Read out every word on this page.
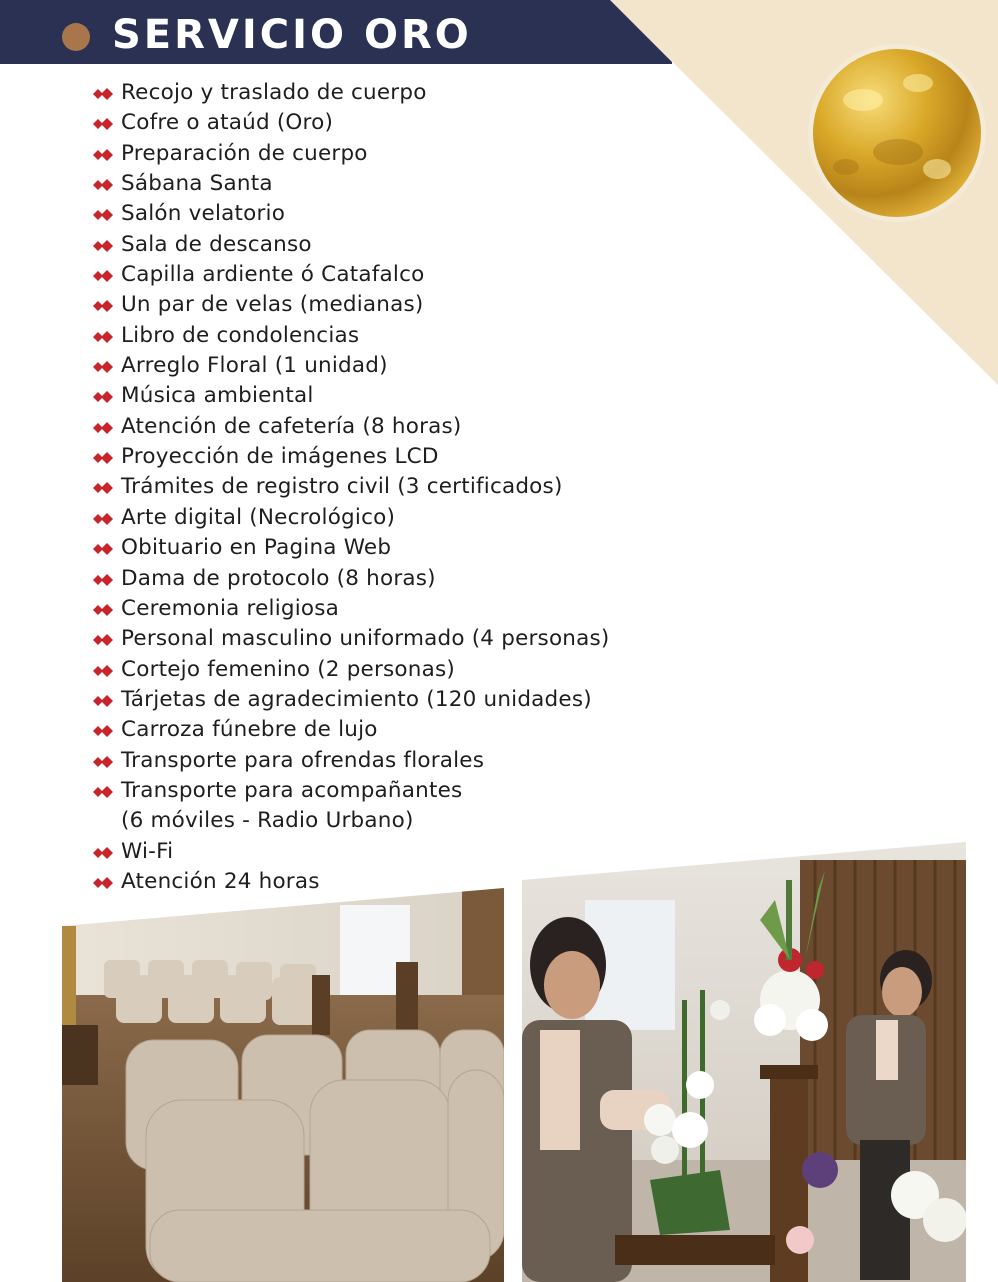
SERVICIO ORO
Recojo y traslado de cuerpo
Cofre o ataúd (Oro)
Preparación de cuerpo
Sábana Santa
Salón velatorio
Sala de descanso
Capilla ardiente ó Catafalco
Un par de velas (medianas)
Libro de condolencias
Arreglo Floral (1 unidad)
Música ambiental
Atención de cafetería (8 horas)
Proyección de imágenes LCD
Trámites de registro civil (3 certificados)
Arte digital (Necrológico)
Obituario en Pagina Web
Dama de protocolo (8 horas)
Ceremonia religiosa
Personal masculino uniformado (4 personas)
Cortejo femenino (2 personas)
Tárjetas de agradecimiento (120 unidades)
Carroza fúnebre de lujo
Transporte para ofrendas florales
Transporte para acompañantes
(6 móviles - Radio Urbano)
Wi-Fi
Atención 24 horas
